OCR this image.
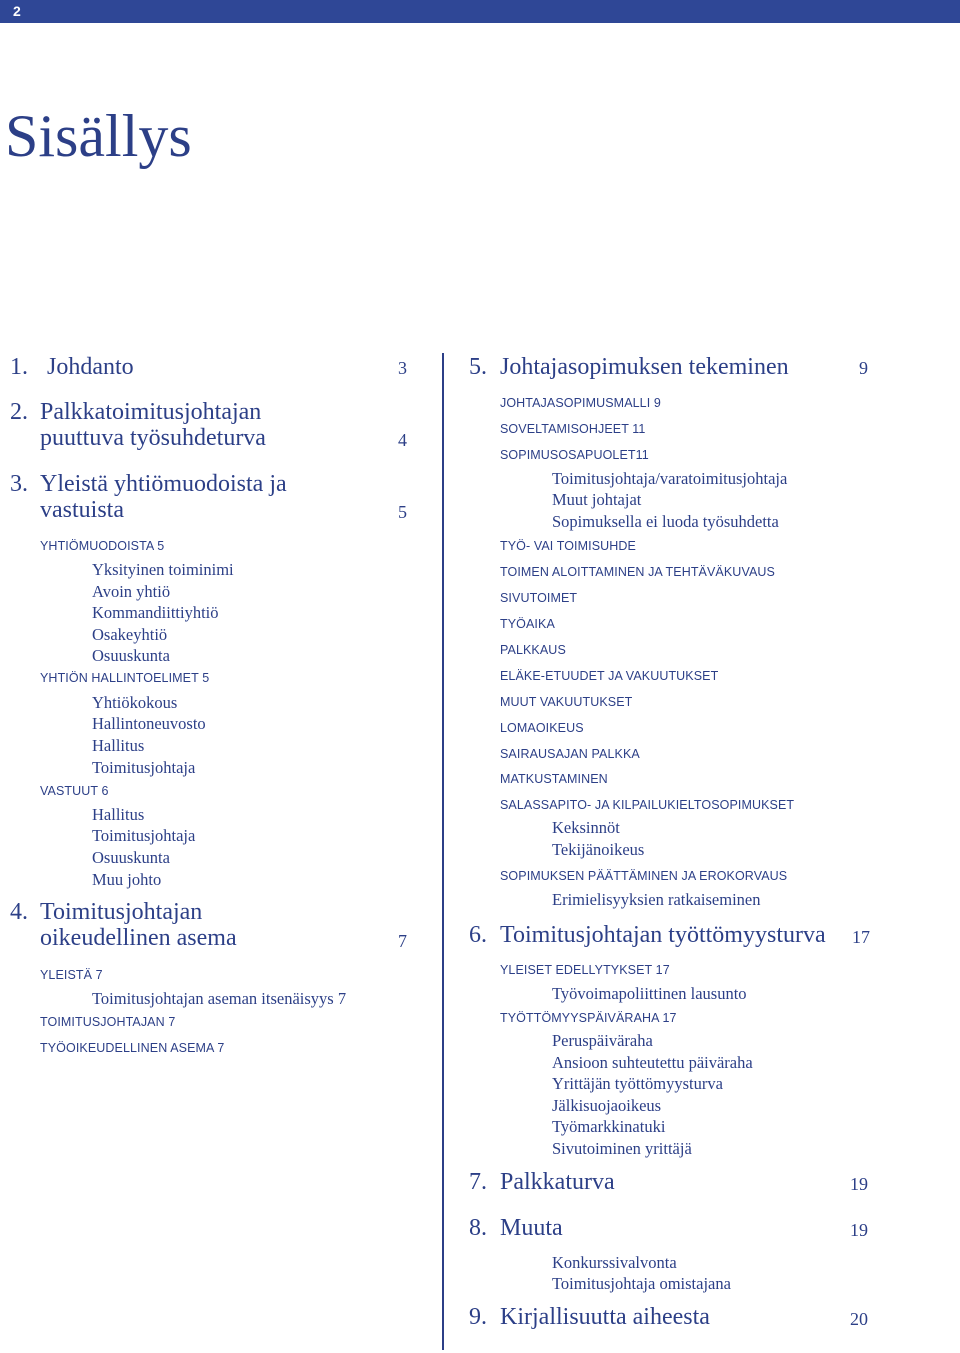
2
Sisällys
1. Johdanto	3
2. Palkkatoimitusjohtajan
puuttuva työsuhdeturva	4
3. Yleistä yhtiömuodoista ja
vastuista	5
YHTIÖMUODOISTA 5
Yksityinen toiminimi
Avoin yhtiö
Kommandiittiyhtiö
Osakeyhtiö
Osuuskunta
YHTIÖN HALLINTOELIMET 5
Yhtiökokous
Hallintoneuvosto
Hallitus
Toimitusjohtaja
VASTUUT 6
Hallitus
Toimitusjohtaja
Osuuskunta
Muu johto
4. Toimitusjohtajan
oikeudellinen asema	7
YLEISTÄ 7
Toimitusjohtajan aseman itsenäisyys 7
TOIMITUSJOHTAJAN 7
TYÖOIKEUDELLINEN ASEMA 7
5. Johtajasopimuksen tekeminen	9
JOHTAJASOPIMUSMALLI 9
SOVELTAMISOHJEET 11
SOPIMUSOSAPUOLET11
Toimitusjohtaja/varatoimitusjohtaja
Muut johtajat
Sopimuksella ei luoda työsuhdetta
TYÖ- VAI TOIMISUHDE
TOIMEN ALOITTAMINEN JA TEHTÄVÄKUVAUS
SIVUTOIMET
TYÖAIKA
PALKKAUS
ELÄKE-ETUUDET JA VAKUUTUKSET
MUUT VAKUUTUKSET
LOMAOIKEUS
SAIRAUSAJAN PALKKA
MATKUSTAMINEN
SALASSAPITO- JA KILPAILUKIELTOSOPIMUKSET
Keksinnöt
Tekijänoikeus
SOPIMUKSEN PÄÄTTÄMINEN JA EROKORVAUS
Erimielisyyksien ratkaiseminen
6. Toimitusjohtajan työttömyysturva 17
YLEISET EDELLYTYKSET 17
Työvoimapoliittinen lausunto
TYÖTTÖMYYSPÄIVÄRAHA 17
Peruspäiväraha
Ansioon suhteutettu päiväraha
Yrittäjän työttömyysturva
Jälkisuojaoikeus
Työmarkkinatuki
Sivutoiminen yrittäjä
7. Palkkaturva	19
8. Muuta	19
Konkurssivalvonta
Toimitusjohtaja omistajana
9. Kirjallisuutta aiheesta	20
